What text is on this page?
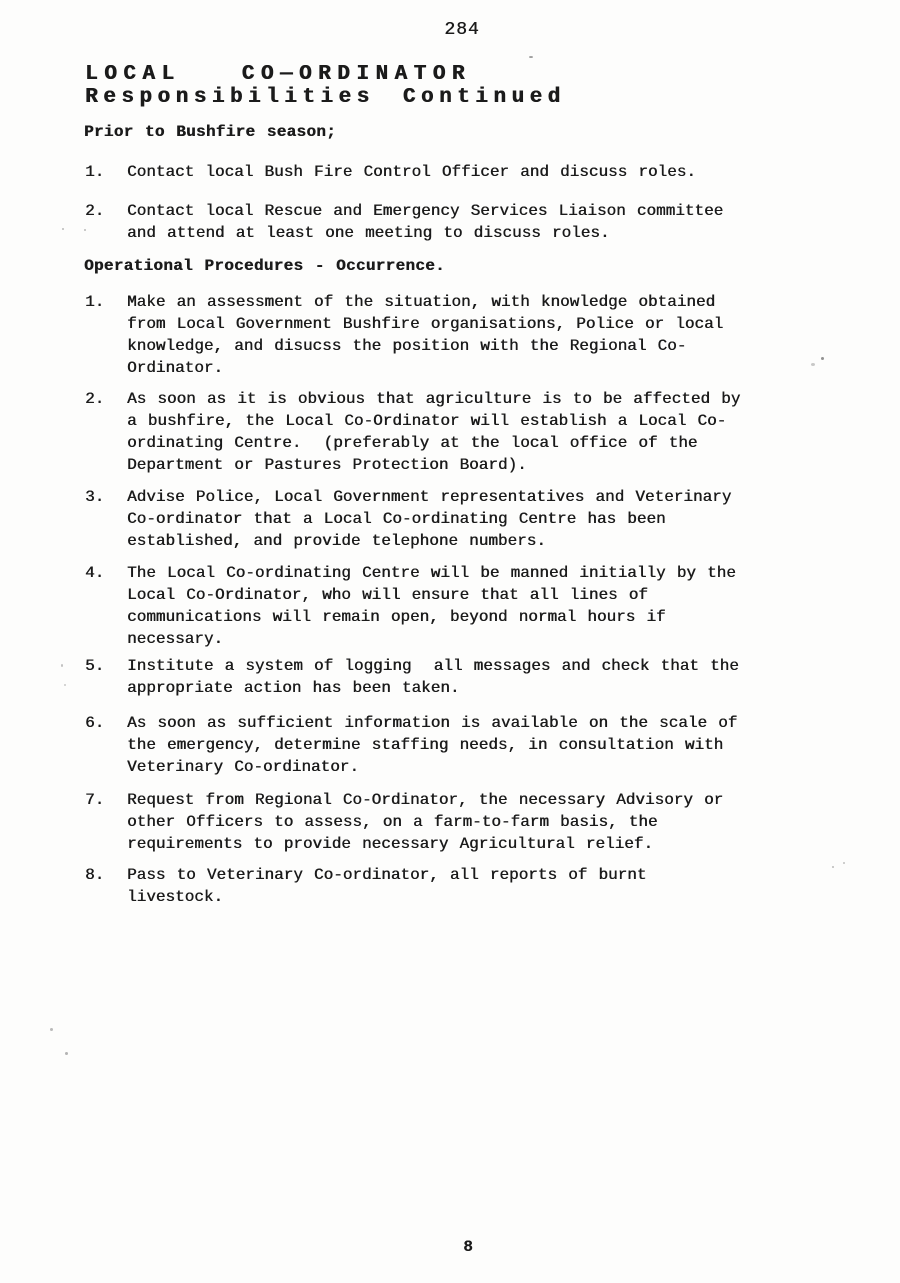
284
LOCAL CO—ORDINATOR
Responsibilities Continued
Prior to Bushfire season;
1.	Contact local Bush Fire Control Officer and discuss roles.
2.	Contact local Rescue and Emergency Services Liaison committee
and attend at least one meeting to discuss roles.
Operational Procedures - Occurrence.
1.	Make an assessment of the situation, with knowledge obtained
from Local Government Bushfire organisations, Police or local
knowledge, and disucss the position with the Regional Co-
Ordinator.
2.	As soon as it is obvious that agriculture is to be affected by
a bushfire, the Local Co-Ordinator will establish a Local Co-
ordinating Centre.  (preferably at the local office of the
Department or Pastures Protection Board).
3.	Advise Police, Local Government representatives and Veterinary
Co-ordinator that a Local Co-ordinating Centre has been
established, and provide telephone numbers.
4.	The Local Co-ordinating Centre will be manned initially by the
Local Co-Ordinator, who will ensure that all lines of
communications will remain open, beyond normal hours if
necessary.
5.	Institute a system of logging  all messages and check that the
appropriate action has been taken.
6.	As soon as sufficient information is available on the scale of
the emergency, determine staffing needs, in consultation with
Veterinary Co-ordinator.
7.	Request from Regional Co-Ordinator, the necessary Advisory or
other Officers to assess, on a farm-to-farm basis, the
requirements to provide necessary Agricultural relief.
8.	Pass to Veterinary Co-ordinator, all reports of burnt
livestock.
8
